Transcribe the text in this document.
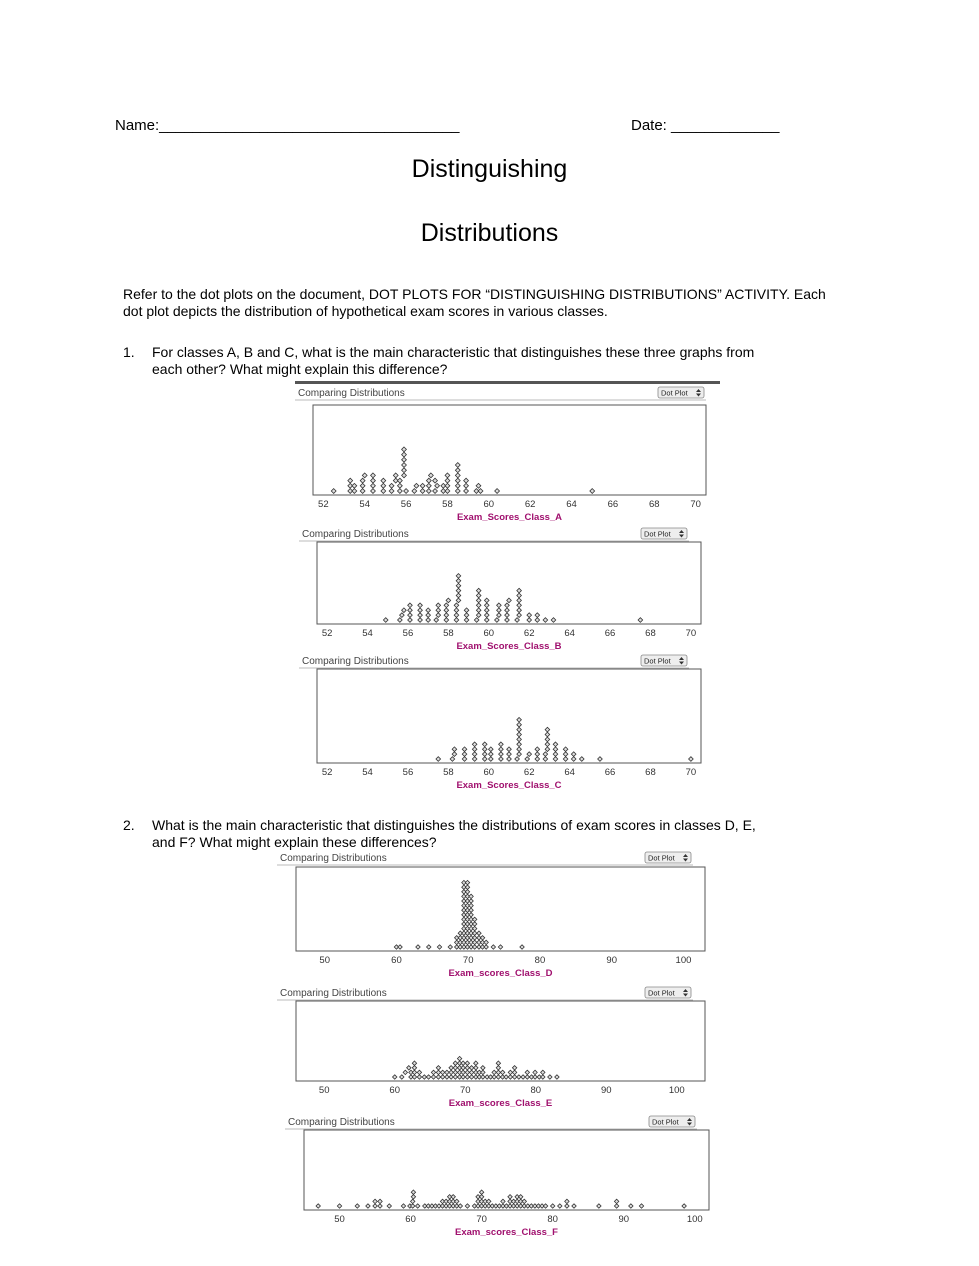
Name:____________________________________	Date: _____________
Distinguishing
Distributions
Refer to the dot plots on the document, DOT PLOTS FOR “DISTINGUISHING DISTRIBUTIONS” ACTIVITY. Each
dot plot depicts the distribution of hypothetical exam scores in various classes.
1. For classes A, B and C, what is the main characteristic that distinguishes these three graphs from
each other? What might explain this difference?
2. What is the main characteristic that distinguishes the distributions of exam scores in classes D, E,
and F? What might explain these differences?
Comparing Distributions	Dot Plot
52	54	56	58	60	62	64	66	68	70
Exam_Scores_Class_A
Comparing Distributions	Dot Plot
52	54	56	58	60	62	64	66	68	70
Exam_Scores_Class_B
Comparing Distributions	Dot Plot
52	54	56	58	60	62	64	66	68	70
Exam_Scores_Class_C
Comparing Distributions	Dot Plot
50	60	70	80	90	100
Exam_scores_Class_D
Comparing Distributions	Dot Plot
50	60	70	80	90	100
Exam_scores_Class_E
Comparing Distributions	Dot Plot
50	60	70	80	90	100
Exam_scores_Class_F
